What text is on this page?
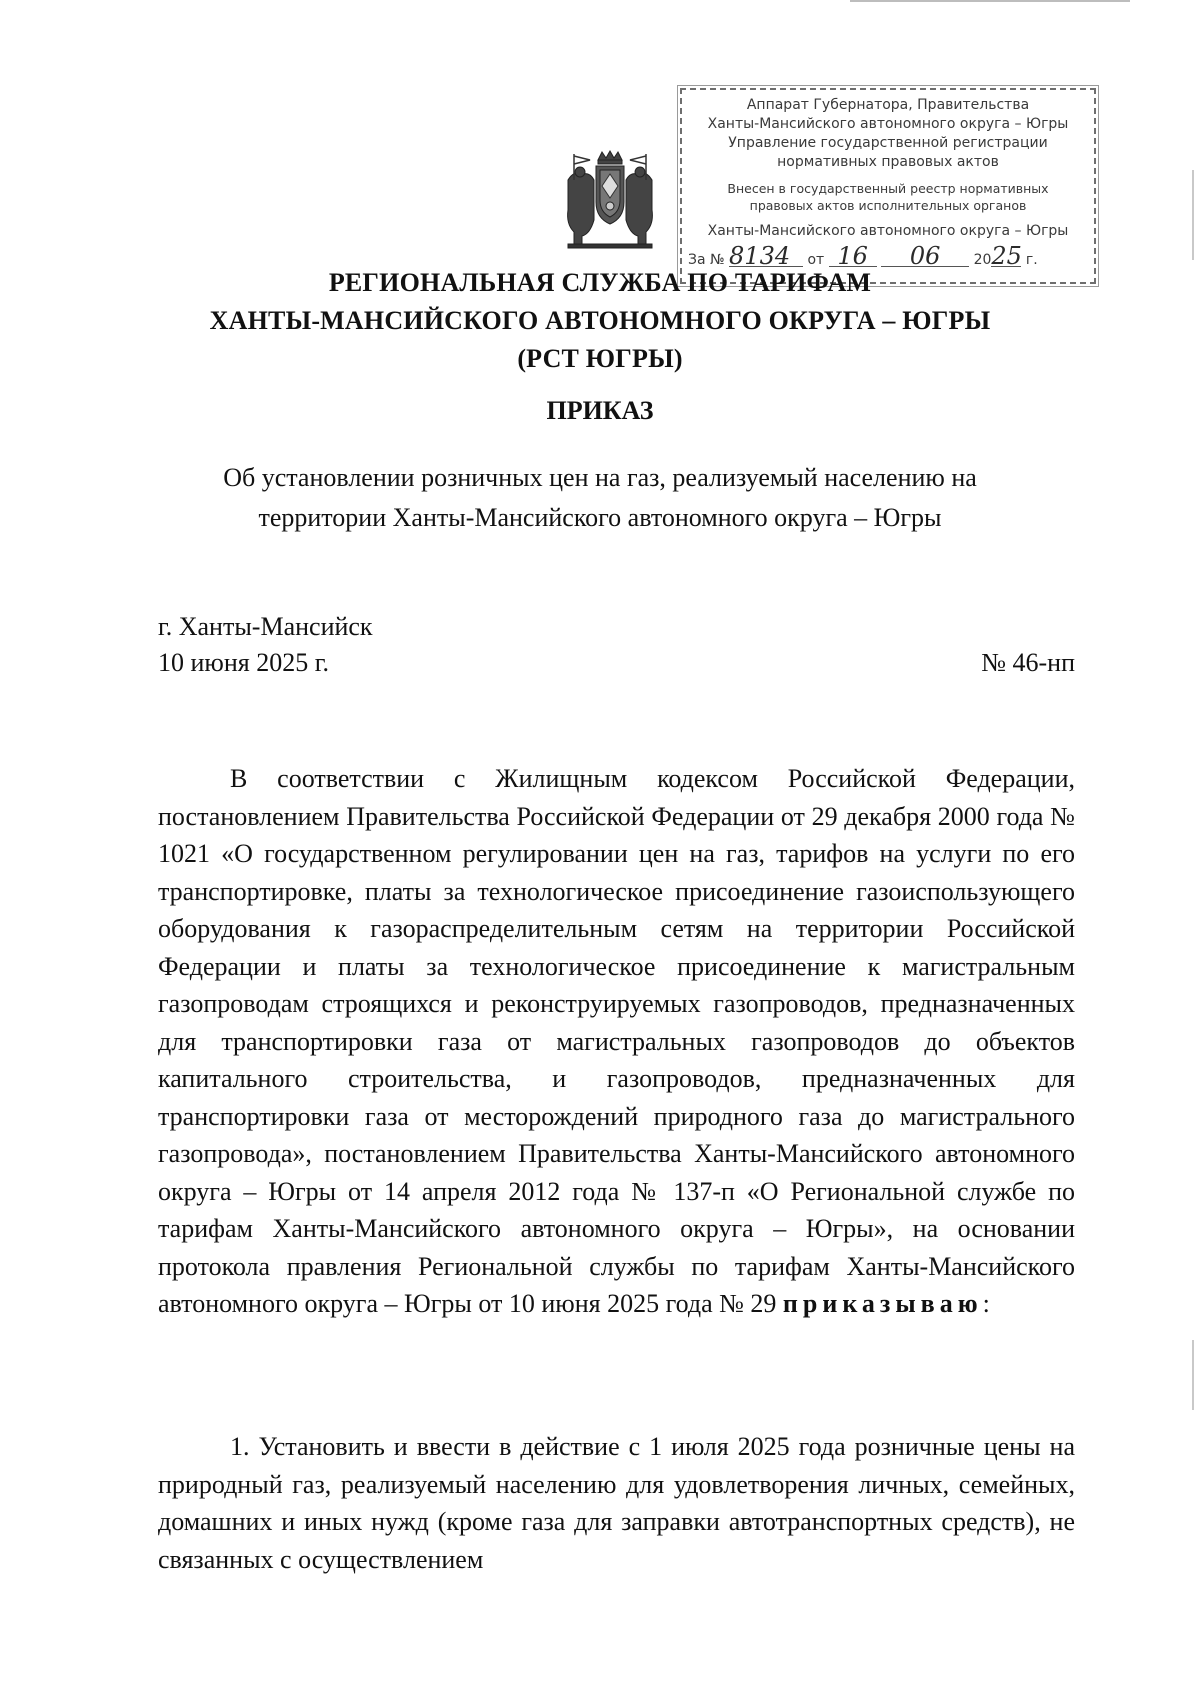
Аппарат Губернатора, Правительства
Ханты-Мансийского автономного округа – Югры
Управление государственной регистрации
нормативных правовых актов
Внесен в государственный реестр нормативных
правовых актов исполнительных органов
Ханты-Мансийского автономного округа – Югры
За № 8134 от 16 06 2025 г.
РЕГИОНАЛЬНАЯ СЛУЖБА ПО ТАРИФАМ
ХАНТЫ-МАНСИЙСКОГО АВТОНОМНОГО ОКРУГА – ЮГРЫ
(РСТ ЮГРЫ)
ПРИКАЗ
Об установлении розничных цен на газ, реализуемый населению на
территории Ханты-Мансийского автономного округа – Югры
г. Ханты-Мансийск
10 июня 2025 г.	№ 46-нп

В соответствии с Жилищным кодексом Российской Федерации, постановлением Правительства Российской Федерации от 29 декабря 2000 года № 1021 «О государственном регулировании цен на газ, тарифов на услуги по его транспортировке, платы за технологическое присоединение газоиспользующего оборудования к газораспределительным сетям на территории Российской Федерации и платы за технологическое присоединение к магистральным газопроводам строящихся и реконструируемых газопроводов, предназначенных для транспортировки газа от магистральных газопроводов до объектов капитального строительства, и газопроводов, предназначенных для транспортировки газа от месторождений природного газа до магистрального газопровода», постановлением Правительства Ханты-Мансийского автономного округа – Югры от 14 апреля 2012 года № 137-п «О Региональной службе по тарифам Ханты-Мансийского автономного округа – Югры», на основании протокола правления Региональной службы по тарифам Ханты-Мансийского автономного округа – Югры от 10 июня 2025 года № 29 приказываю:

1. Установить и ввести в действие с 1 июля 2025 года розничные цены на природный газ, реализуемый населению для удовлетворения личных, семейных, домашних и иных нужд (кроме газа для заправки автотранспортных средств), не связанных с осуществлением
